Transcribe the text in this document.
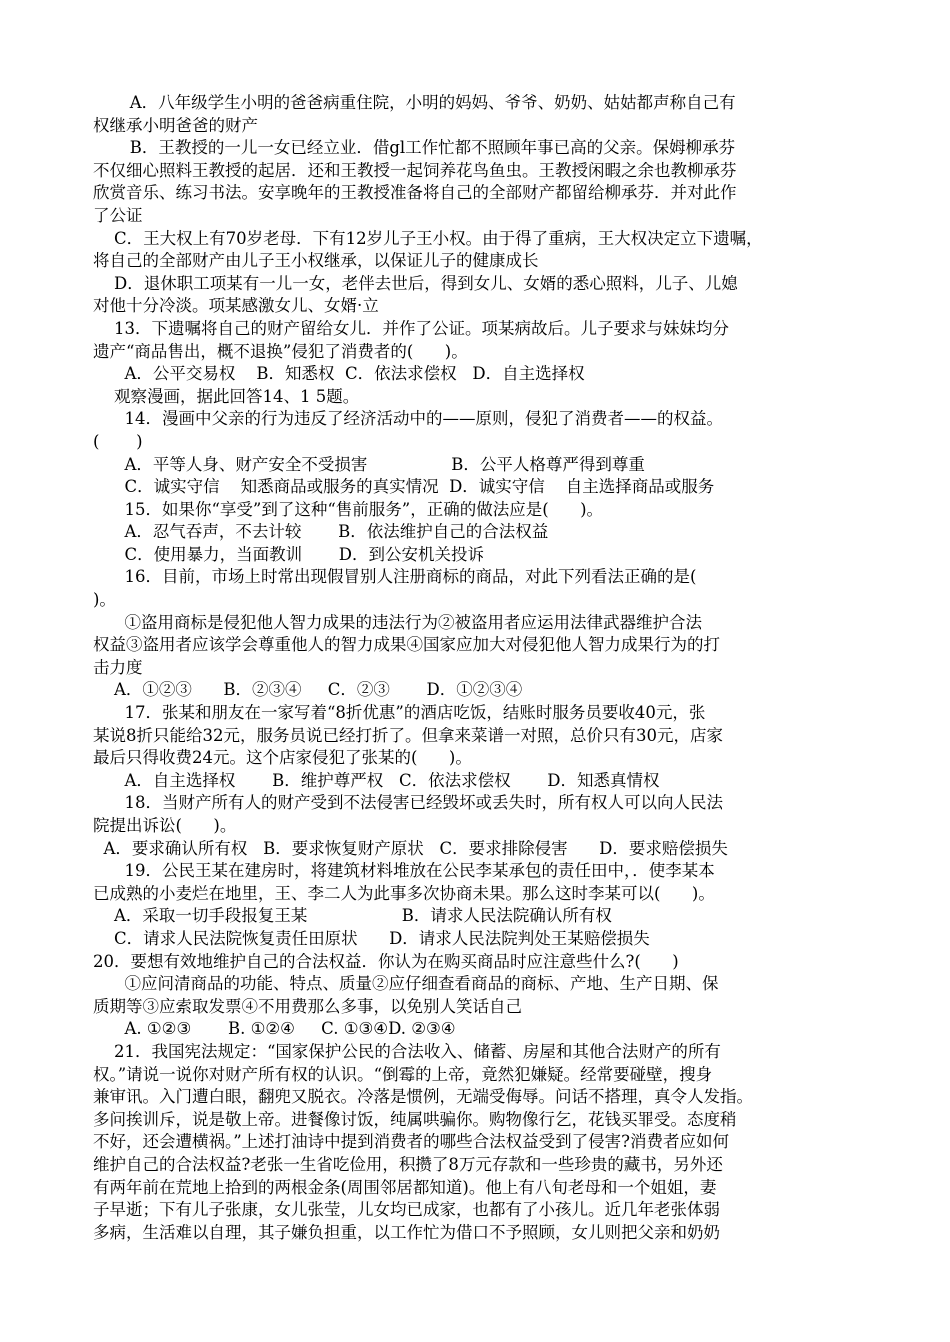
A．八年级学生小明的爸爸病重住院，小明的妈妈、爷爷、奶奶、姑姑都声称自己有
权继承小明爸爸的财产
B．王教授的一儿一女已经立业．借gl工作忙都不照顾年事已高的父亲。保姆柳承芬
不仅细心照料王教授的起居．还和王教授一起饲养花鸟鱼虫。王教授闲暇之余也教柳承芬
欣赏音乐、练习书法。安享晚年的王教授准备将自己的全部财产都留给柳承芬．并对此作
了公证
C．王大权上有70岁老母．下有12岁儿子王小权。由于得了重病，王大权决定立下遗嘱，
将自己的全部财产由儿子王小权继承，以保证儿子的健康成长
D．退休职工项某有一儿一女，老伴去世后，得到女儿、女婿的悉心照料，儿子、儿媳
对他十分冷淡。项某感激女儿、女婿·立
13．下遗嘱将自己的财产留给女儿．并作了公证。项某病故后。儿子要求与妹妹均分
遗产“商品售出，概不退换”侵犯了消费者的(      )。
A．公平交易权    B．知悉权  C．依法求偿权   D．自主选择权
观察漫画，据此回答14、1 5题。
14．漫画中父亲的行为违反了经济活动中的——原则，侵犯了消费者——的权益。
(       )
A．平等人身、财产安全不受损害                B．公平人格尊严得到尊重
C．诚实守信    知悉商品或服务的真实情况  D．诚实守信    自主选择商品或服务
15．如果你“享受”到了这种“售前服务”，正确的做法应是(      )。
A．忍气吞声，不去计较       B．依法维护自己的合法权益
C．使用暴力，当面教训       D．到公安机关投诉
16．目前，市场上时常出现假冒别人注册商标的商品，对此下列看法正确的是(
)。
①盗用商标是侵犯他人智力成果的违法行为②被盗用者应运用法律武器维护合法
权益③盗用者应该学会尊重他人的智力成果④国家应加大对侵犯他人智力成果行为的打
击力度
A．①②③      B．②③④     C．②③       D．①②③④
17．张某和朋友在一家写着“8折优惠”的酒店吃饭，结账时服务员要收40元，张
某说8折只能给32元，服务员说已经打折了。但拿来菜谱一对照，总价只有30元，店家
最后只得收费24元。这个店家侵犯了张某的(      )。
A．自主选择权       B．维护尊严权   C．依法求偿权       D．知悉真情权
18．当财产所有人的财产受到不法侵害已经毁坏或丢失时，所有权人可以向人民法
院提出诉讼(      )。
A．要求确认所有权   B．要求恢复财产原状   C．要求排除侵害      D．要求赔偿损失
19．公民王某在建房时，将建筑材料堆放在公民李某承包的责任田中，．使李某本
已成熟的小麦烂在地里，王、李二人为此事多次协商未果。那么这时李某可以(      )。
A．采取一切手段报复王某                  B．请求人民法院确认所有权
C．请求人民法院恢复责任田原状      D．请求人民法院判处王某赔偿损失
20．要想有效地维护自己的合法权益．你认为在购买商品时应注意些什么?(      )
①应问清商品的功能、特点、质量②应仔细查看商品的商标、产地、生产日期、保
质期等③应索取发票④不用费那么多事，以免别人笑话自己
A. ①②③       B. ①②④     C. ①③④D. ②③④
21．我国宪法规定：“国家保护公民的合法收入、储蓄、房屋和其他合法财产的所有
权。”请说一说你对财产所有权的认识。“倒霉的上帝，竟然犯嫌疑。经常要碰壁，搜身
兼审讯。入门遭白眼，翻兜又脱衣。冷落是惯例，无端受侮辱。问话不搭理，真令人发指。
多问挨训斥，说是敬上帝。进餐像讨饭，纯属哄骗你。购物像行乞，花钱买罪受。态度稍
不好，还会遭横祸。”上述打油诗中提到消费者的哪些合法权益受到了侵害?消费者应如何
维护自己的合法权益?老张一生省吃俭用，积攒了8万元存款和一些珍贵的藏书，另外还
有两年前在荒地上拾到的两根金条(周围邻居都知道)。他上有八旬老母和一个姐姐，妻
子早逝；下有儿子张康，女儿张莹，儿女均已成家，也都有了小孩儿。近几年老张体弱
多病，生活难以自理，其子嫌负担重，以工作忙为借口不予照顾，女儿则把父亲和奶奶
